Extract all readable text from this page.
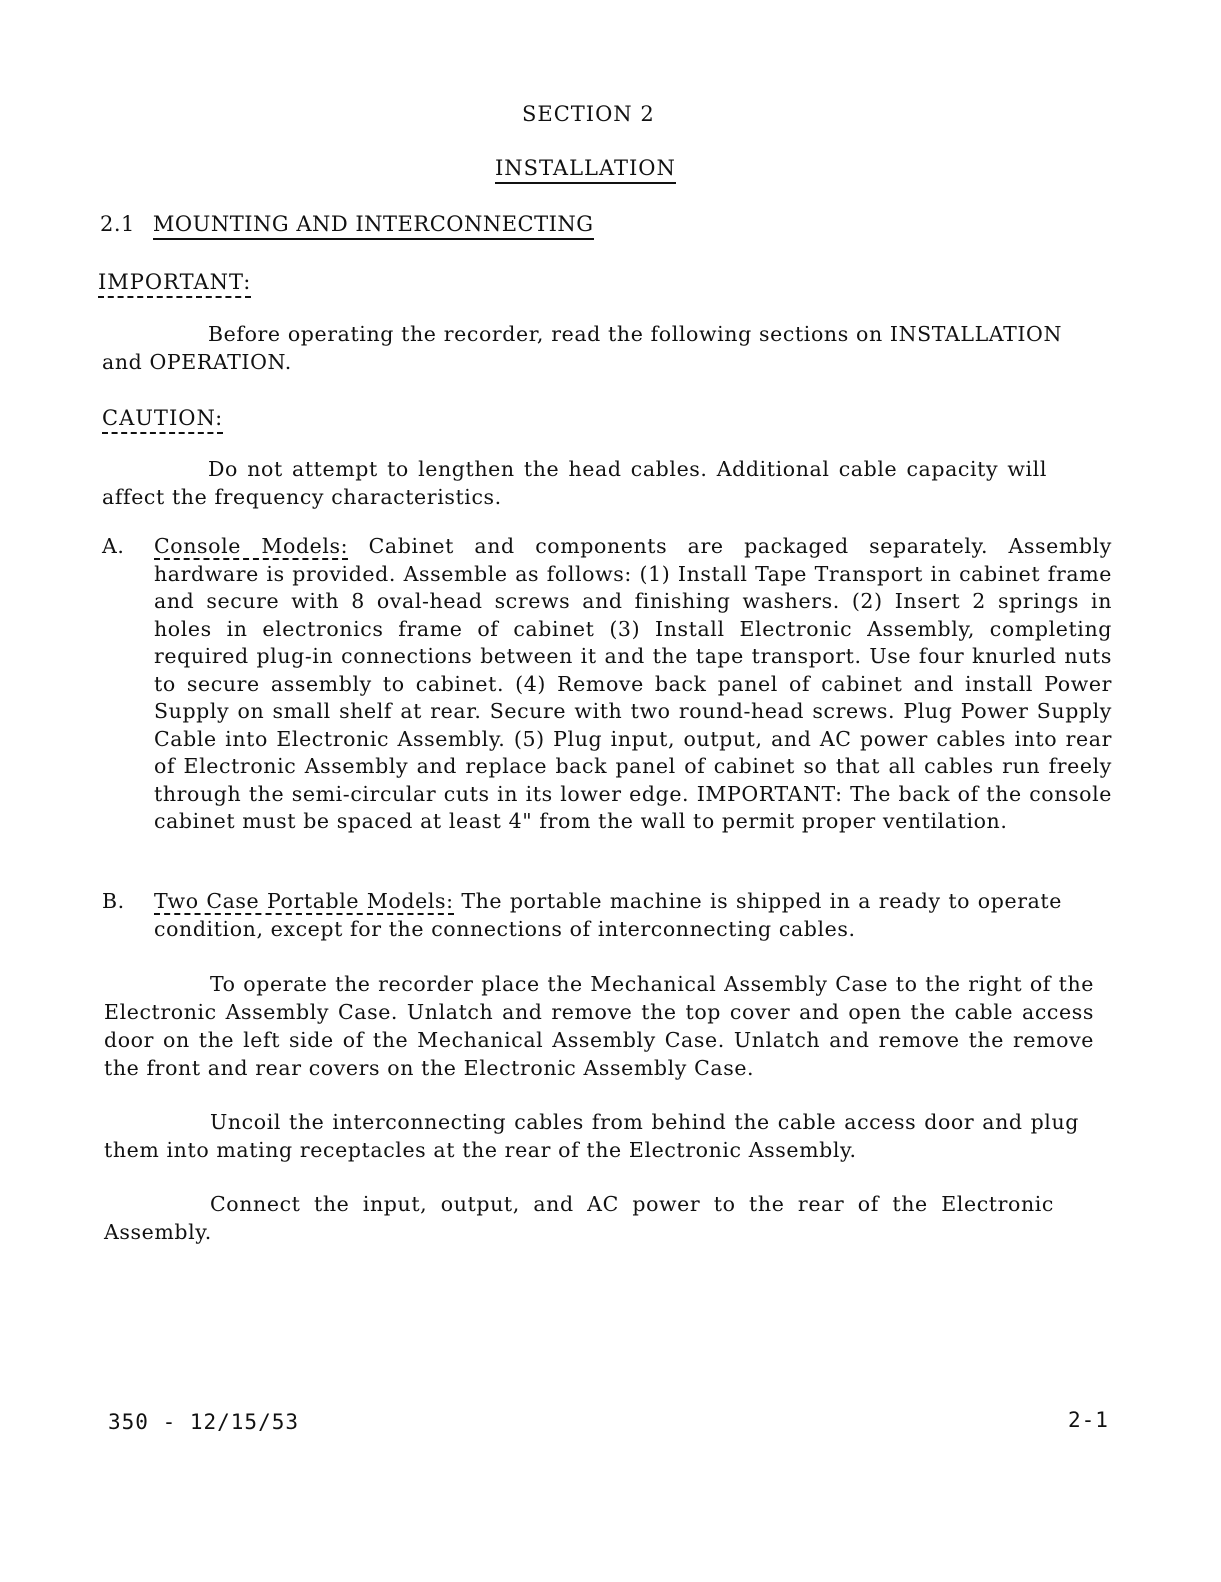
SECTION 2
INSTALLATION
2.1 MOUNTING AND INTERCONNECTING
IMPORTANT:
Before operating the recorder, read the following sections on INSTALLATION and OPERATION.
CAUTION:
Do not attempt to lengthen the head cables. Additional cable capacity will affect the frequency characteristics.
A. Console Models: Cabinet and components are packaged separately. Assembly hardware is provided. Assemble as follows: (1) Install Tape Transport in cabinet frame and secure with 8 oval-head screws and finishing washers. (2) Insert 2 springs in holes in electronics frame of cabinet (3) Install Electronic Assembly, completing required plug-in connections between it and the tape transport. Use four knurled nuts to secure assembly to cabinet. (4) Remove back panel of cabinet and install Power Supply on small shelf at rear. Secure with two round-head screws. Plug Power Supply Cable into Electronic Assembly. (5) Plug input, output, and AC power cables into rear of Electronic Assembly and replace back panel of cabinet so that all cables run freely through the semi-circular cuts in its lower edge. IMPORTANT: The back of the console cabinet must be spaced at least 4" from the wall to permit proper ventilation.
B. Two Case Portable Models: The portable machine is shipped in a ready to operate condition, except for the connections of interconnecting cables.
To operate the recorder place the Mechanical Assembly Case to the right of the Electronic Assembly Case. Unlatch and remove the top cover and open the cable access door on the left side of the Mechanical Assembly Case. Unlatch and remove the remove the front and rear covers on the Electronic Assembly Case.
Uncoil the interconnecting cables from behind the cable access door and plug them into mating receptacles at the rear of the Electronic Assembly.
Connect the input, output, and AC power to the rear of the Electronic Assembly.
350 - 12/15/53	2-1
